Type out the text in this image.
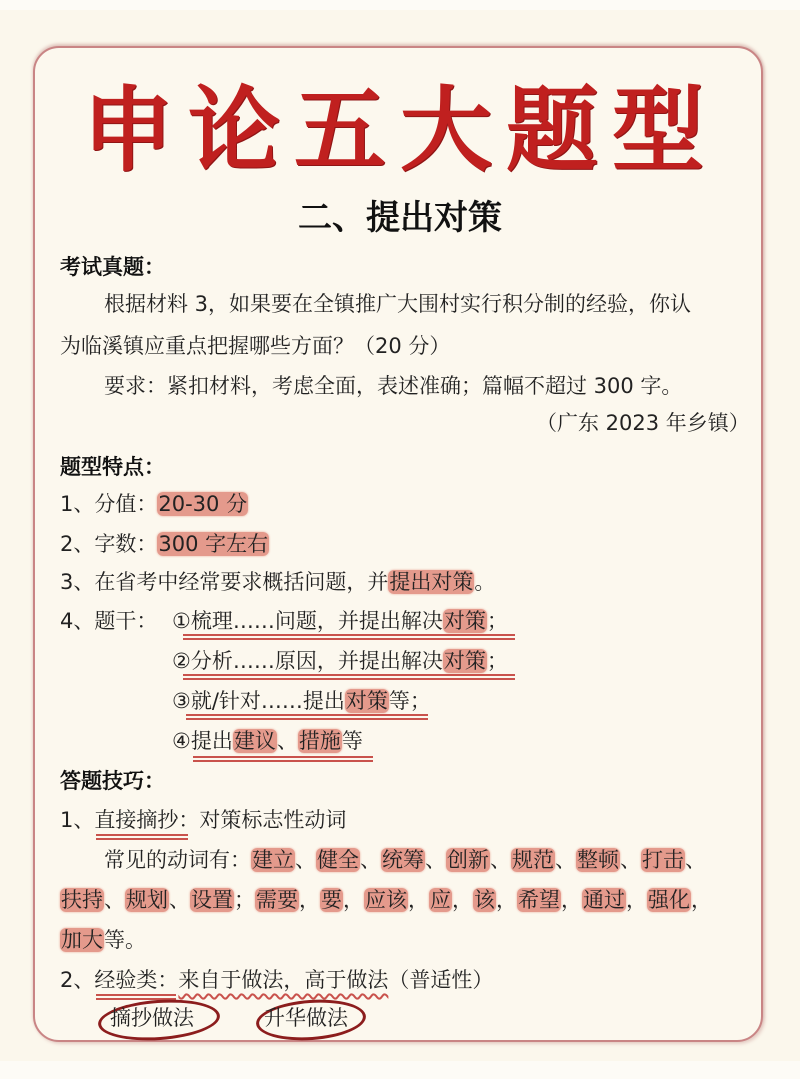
申论五大题型
二、提出对策
考试真题：
根据材料 3，如果要在全镇推广大围村实行积分制的经验，你认
为临溪镇应重点把握哪些方面？（20 分）
要求：紧扣材料，考虑全面，表述准确；篇幅不超过 300 字。
（广东 2023 年乡镇）
题型特点：
1、分值：20-30 分
2、字数：300 字左右
3、在省考中经常要求概括问题，并提出对策。
4、题干： ①梳理……问题，并提出解决对策；
②分析……原因，并提出解决对策；
③就/针对……提出对策等；
④提出建议、措施等
答题技巧：
1、直接摘抄：对策标志性动词
常见的动词有：建立、健全、统筹、创新、规范、整顿、打击、
扶持、规划、设置；需要，要，应该，应，该，希望，通过，强化，
加大等。
2、经验类：来自于做法，高于做法（普适性）
摘抄做法	升华做法
